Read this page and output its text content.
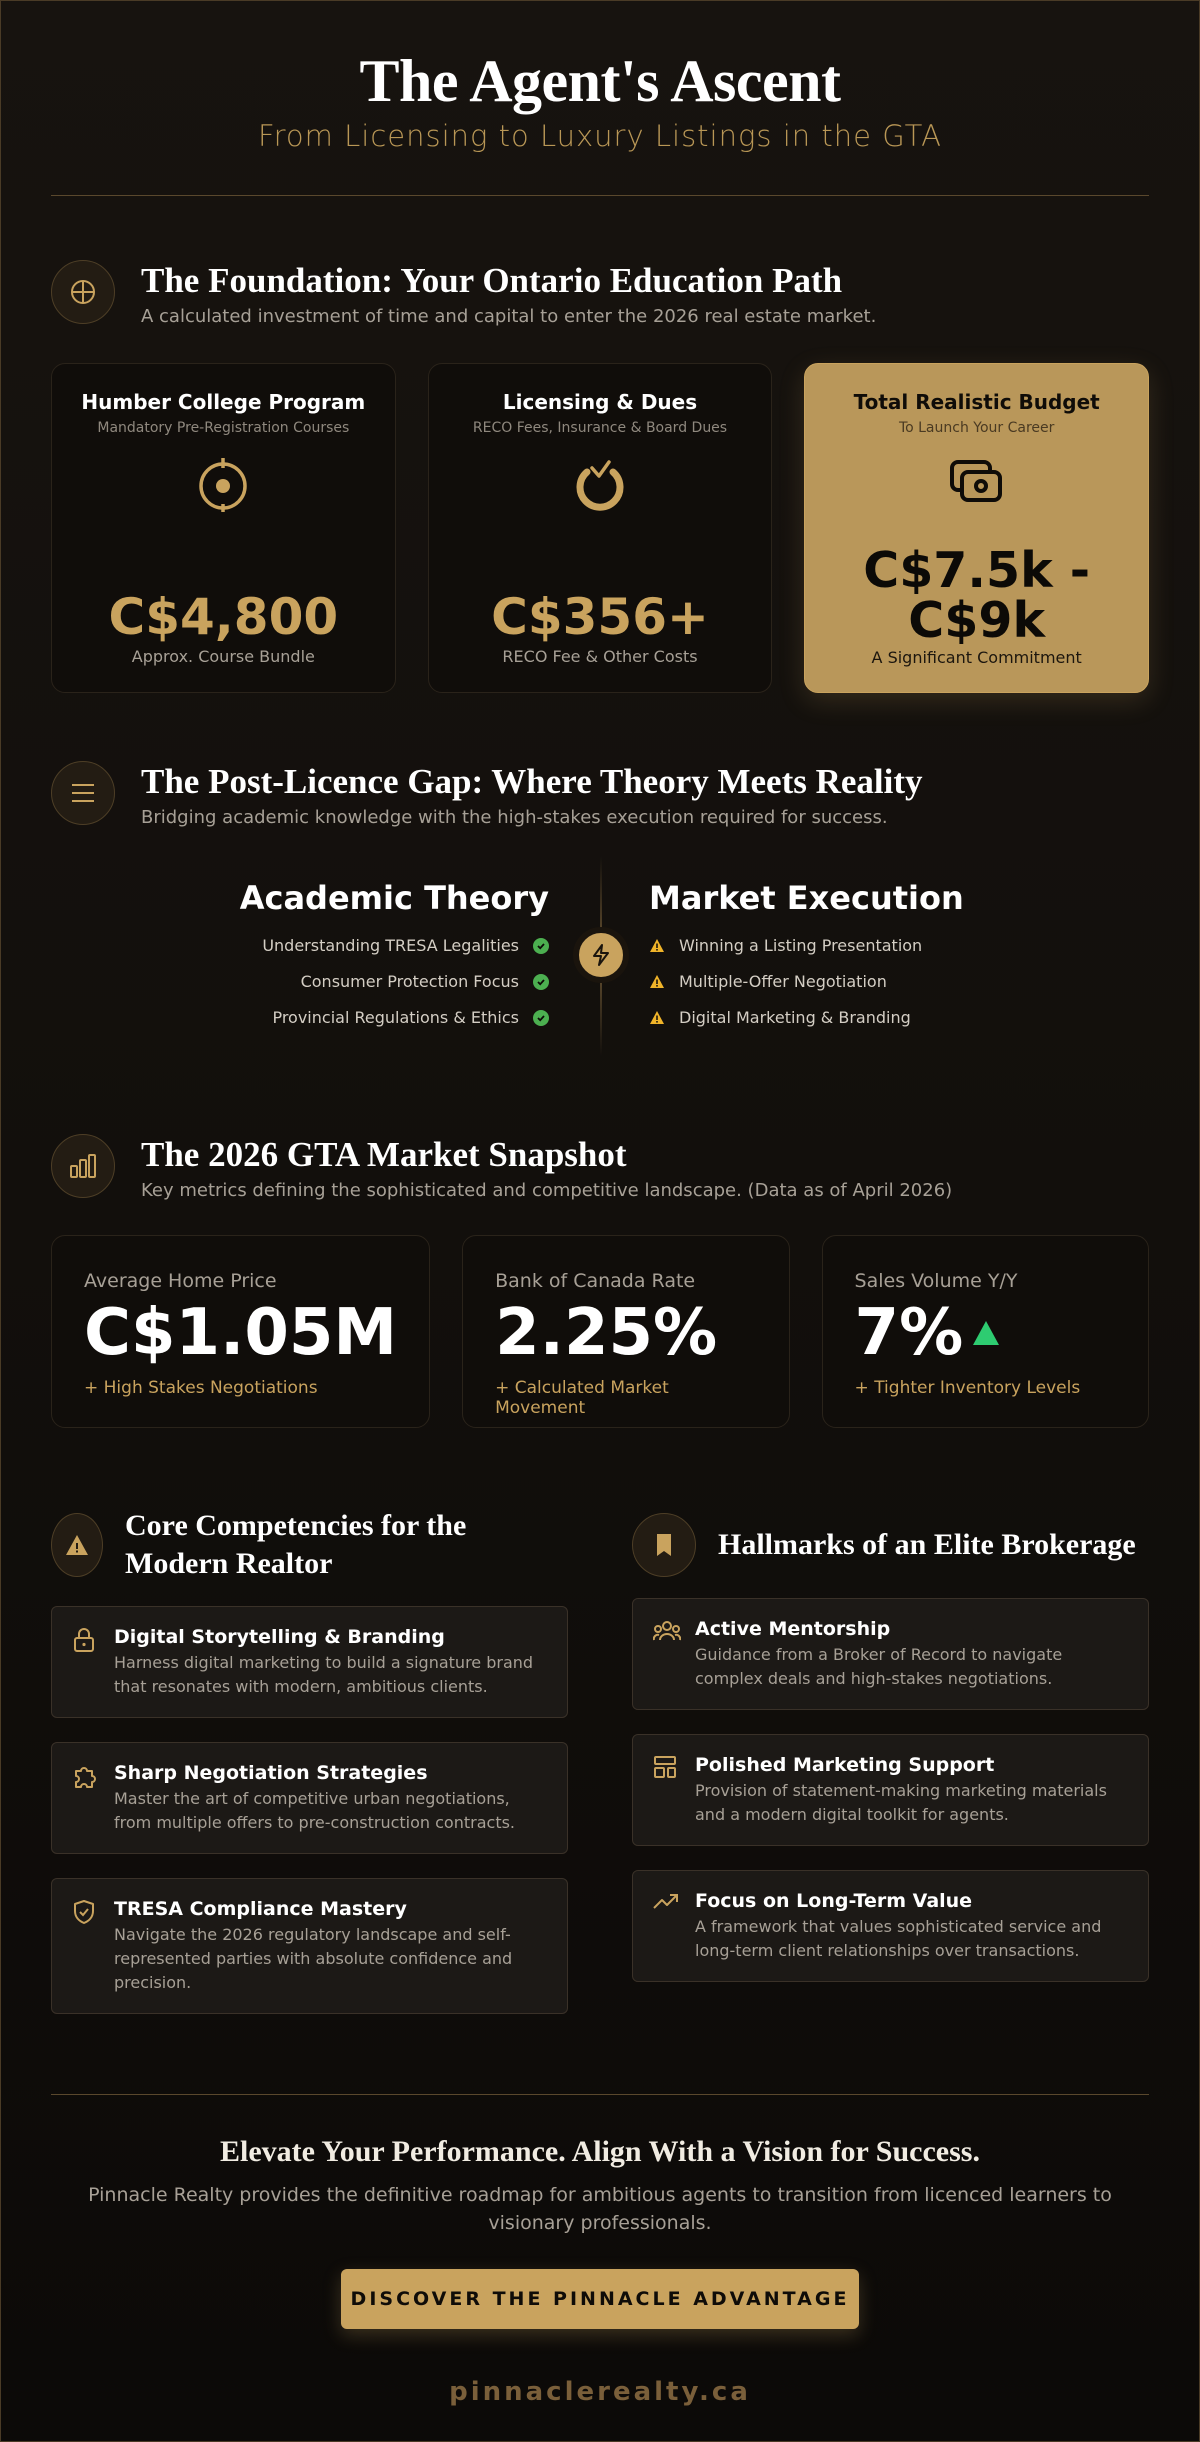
The Agent's Ascent
From Licensing to Luxury Listings in the GTA
The Foundation: Your Ontario Education Path

A calculated investment of time and capital to enter the 2026 real estate market.

Humber College Program
Mandatory Pre-Registration Courses
C$4,800
Approx. Course Bundle
Licensing & Dues
RECO Fees, Insurance & Board Dues
C$356+
RECO Fee & Other Costs
Total Realistic Budget
To Launch Your Career
C$7.5k -
C$9k
A Significant Commitment
The Post-Licence Gap: Where Theory Meets Reality

Bridging academic knowledge with the high-stakes execution required for success.

Academic Theory
Understanding TRESA Legalities
Consumer Protection Focus
Provincial Regulations & Ethics
Market Execution
Winning a Listing Presentation
Multiple-Offer Negotiation
Digital Marketing & Branding
The 2026 GTA Market Snapshot

Key metrics defining the sophisticated and competitive landscape. (Data as of April 2026)

Average Home Price
C$1.05M
+ High Stakes Negotiations
Bank of Canada Rate
2.25%
+ Calculated Market Movement
Sales Volume Y/Y
7%
+ Tighter Inventory Levels
Core Competencies for the Modern Realtor
Digital Storytelling & Branding
Harness digital marketing to build a signature brand that resonates with modern, ambitious clients.
Sharp Negotiation Strategies
Master the art of competitive urban negotiations, from multiple offers to pre-construction contracts.
TRESA Compliance Mastery
Navigate the 2026 regulatory landscape and self-represented parties with absolute confidence and precision.
Hallmarks of an Elite Brokerage
Active Mentorship
Guidance from a Broker of Record to navigate complex deals and high-stakes negotiations.
Polished Marketing Support
Provision of statement-making marketing materials and a modern digital toolkit for agents.
Focus on Long-Term Value
A framework that values sophisticated service and long-term client relationships over transactions.
Elevate Your Performance. Align With a Vision for Success.

Pinnacle Realty provides the definitive roadmap for ambitious agents to transition from licenced learners to visionary professionals.

DISCOVER THE PINNACLE ADVANTAGE
pinnaclerealty.ca
